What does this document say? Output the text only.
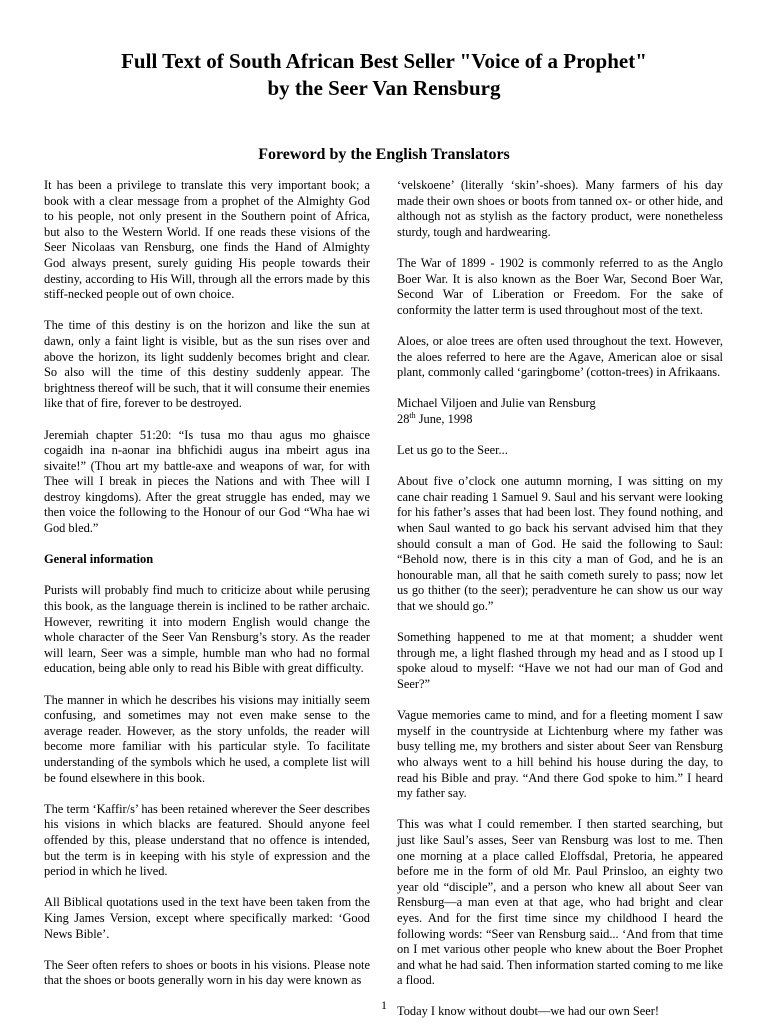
Full Text of South African Best Seller "Voice of a Prophet"
by the Seer Van Rensburg
Foreword by the English Translators

It has been a privilege to translate this very important book; a book with a clear message from a prophet of the Almighty God to his people, not only present in the Southern point of Africa, but also to the Western World. If one reads these visions of the Seer Nicolaas van Rensburg, one finds the Hand of Almighty God always present, surely guiding His people towards their destiny, according to His Will, through all the errors made by this stiff-necked people out of own choice.

The time of this destiny is on the horizon and like the sun at dawn, only a faint light is visible, but as the sun rises over and above the horizon, its light suddenly becomes bright and clear. So also will the time of this destiny suddenly appear. The brightness thereof will be such, that it will consume their enemies like that of fire, forever to be destroyed.

Jeremiah chapter 51:20: “Is tusa mo thau agus mo ghaisce cogaidh ina n-aonar ina bhfichidi augus ina mbeirt agus ina sivaite!” (Thou art my battle-axe and weapons of war, for with Thee will I break in pieces the Nations and with Thee will I destroy kingdoms). After the great struggle has ended, may we then voice the following to the Honour of our God “Wha hae wi God bled.”

General information

Purists will probably find much to criticize about while perusing this book, as the language therein is inclined to be rather archaic. However, rewriting it into modern English would change the whole character of the Seer Van Rensburg’s story. As the reader will learn, Seer was a simple, humble man who had no formal education, being able only to read his Bible with great difficulty.

The manner in which he describes his visions may initially seem confusing, and sometimes may not even make sense to the average reader. However, as the story unfolds, the reader will become more familiar with his particular style. To facilitate understanding of the symbols which he used, a complete list will be found elsewhere in this book.

The term ‘Kaffir/s’ has been retained wherever the Seer describes his visions in which blacks are featured. Should anyone feel offended by this, please understand that no offence is intended, but the term is in keeping with his style of expression and the period in which he lived.

All Biblical quotations used in the text have been taken from the King James Version, except where specifically marked: ‘Good News Bible’.

The Seer often refers to shoes or boots in his visions. Please note that the shoes or boots generally worn in his day were known as

‘velskoene’ (literally ‘skin’-shoes). Many farmers of his day made their own shoes or boots from tanned ox- or other hide, and although not as stylish as the factory product, were nonetheless sturdy, tough and hardwearing.

The War of 1899 - 1902 is commonly referred to as the Anglo Boer War. It is also known as the Boer War, Second Boer War, Second War of Liberation or Freedom. For the sake of conformity the latter term is used throughout most of the text.

Aloes, or aloe trees are often used throughout the text. However, the aloes referred to here are the Agave, American aloe or sisal plant, commonly called ‘garingbome’ (cotton-trees) in Afrikaans.

Michael Viljoen and Julie van Rensburg

28th June, 1998

Let us go to the Seer...

About five o’clock one autumn morning, I was sitting on my cane chair reading 1 Samuel 9. Saul and his servant were looking for his father’s asses that had been lost. They found nothing, and when Saul wanted to go back his servant advised him that they should consult a man of God. He said the following to Saul: “Behold now, there is in this city a man of God, and he is an honourable man, all that he saith cometh surely to pass; now let us go thither (to the seer); peradventure he can show us our way that we should go.”

Something happened to me at that moment; a shudder went through me, a light flashed through my head and as I stood up I spoke aloud to myself: “Have we not had our man of God and Seer?”

Vague memories came to mind, and for a fleeting moment I saw myself in the countryside at Lichtenburg where my father was busy telling me, my brothers and sister about Seer van Rensburg who always went to a hill behind his house during the day, to read his Bible and pray. “And there God spoke to him.” I heard my father say.

This was what I could remember. I then started searching, but just like Saul’s asses, Seer van Rensburg was lost to me. Then one morning at a place called Eloffsdal, Pretoria, he appeared before me in the form of old Mr. Paul Prinsloo, an eighty two year old “disciple”, and a person who knew all about Seer van Rensburg—a man even at that age, who had bright and clear eyes. And for the first time since my childhood I heard the following words: “Seer van Rensburg said... ‘And from that time on I met various other people who knew about the Boer Prophet and what he had said. Then information started coming to me like a flood.

Today I know without doubt—we had our own Seer!

1
